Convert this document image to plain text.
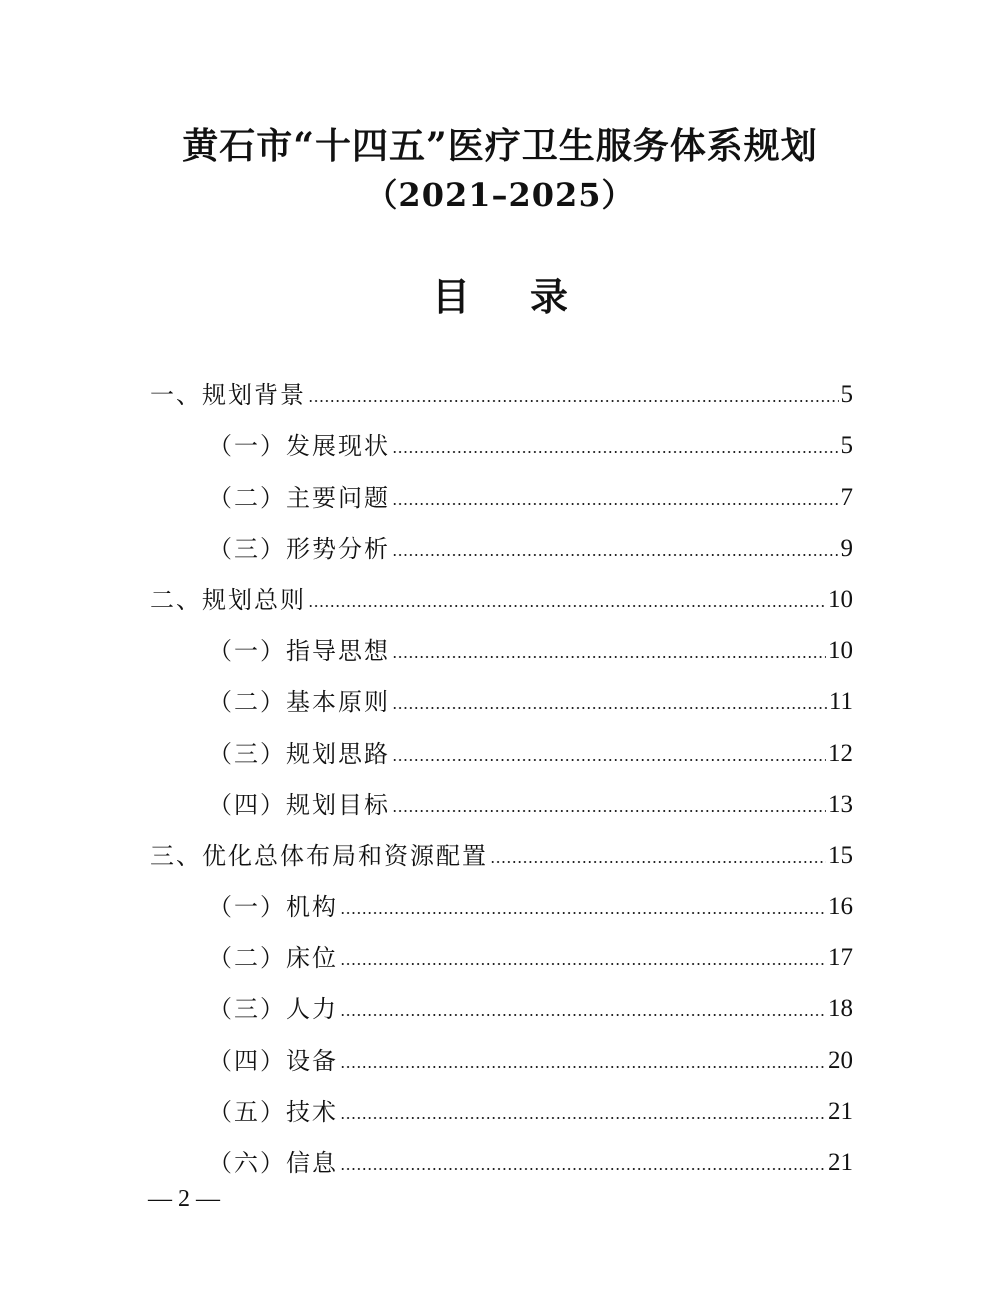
黄石市“十四五”医疗卫生服务体系规划
（2021–2025）
目录
一、规划背景	5
（一）发展现状	5
（二）主要问题	7
（三）形势分析	9
二、规划总则	10
（一）指导思想	10
（二）基本原则	11
（三）规划思路	12
（四）规划目标	13
三、优化总体布局和资源配置	15
（一）机构	16
（二）床位	17
（三）人力	18
（四）设备	20
（五）技术	21
（六）信息	21
— 2 —
